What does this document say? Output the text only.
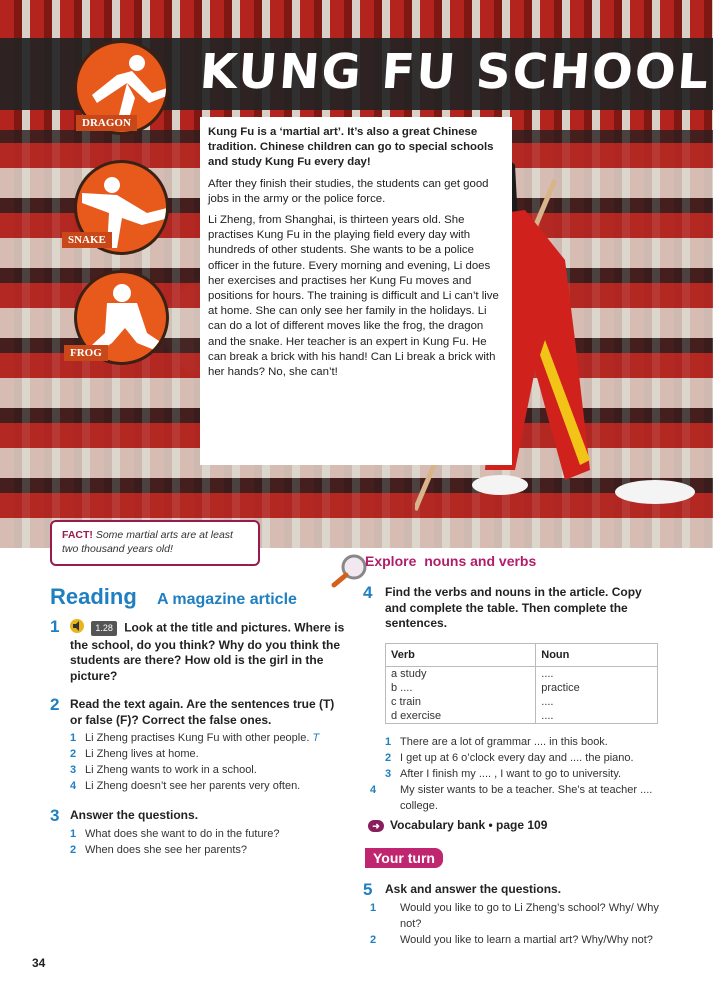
KUNG FU SCHOOL
DRAGON
SNAKE
FROG

Kung Fu is a ‘martial art’. It’s also a great Chinese tradition. Chinese children can go to special schools and study Kung Fu every day!

After they finish their studies, the students can get good jobs in the army or the police force.

Li Zheng, from Shanghai, is thirteen years old. She practises Kung Fu in the playing field every day with hundreds of other students. She wants to be a police officer in the future. Every morning and evening, Li does her exercises and practises her Kung Fu moves and positions for hours. The training is difficult and Li can’t live at home. She can only see her family in the holidays. Li can do a lot of different moves like the frog, the dragon and the snake. Her teacher is an expert in Kung Fu. He can break a brick with his hand! Can Li break a brick with her hands? No, she can’t!

FACT! Some martial arts are at least two thousand years old!
Reading A magazine article
1	1.28 Look at the title and pictures. Where is the school, do you think? Why do you think the students are there? How old is the girl in the picture?
2 Read the text again. Are the sentences true (T) or false (F)? Correct the false ones.
1 Li Zheng practises Kung Fu with other people. T
2 Li Zheng lives at home.
3 Li Zheng wants to work in a school.
4 Li Zheng doesn’t see her parents very often.
3 Answer the questions.
1 What does she want to do in the future?
2 When does she see her parents?
Explore nouns and verbs
4 Find the verbs and nouns in the article. Copy and complete the table. Then complete the sentences.
Verb	Noun
a study	....
b ....	practice
c train	....
d exercise	....
1 There are a lot of grammar .... in this book.
2 I get up at 6 o’clock every day and .... the piano.
3 After I finish my .... , I want to go to university.
4 My sister wants to be a teacher. She’s at teacher .... college.
➜ Vocabulary bank • page 109
Your turn
5 Ask and answer the questions.
1 Would you like to go to Li Zheng’s school? Why/ Why not?
2 Would you like to learn a martial art? Why/Why not?
34
